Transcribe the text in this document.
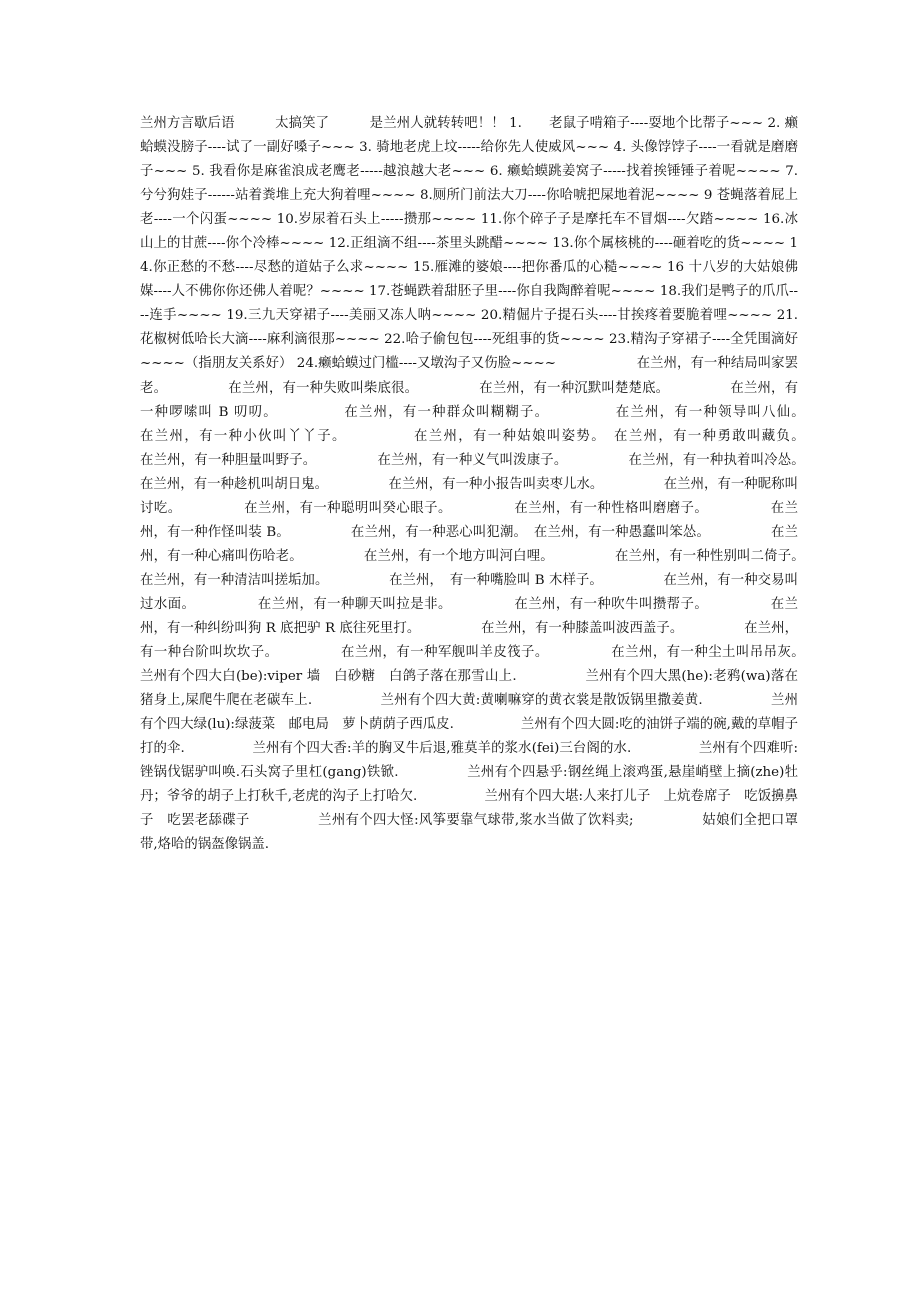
兰州方言歇后语　　　太搞笑了　　　是兰州人就转转吧！！ 1.　　老鼠子啃箱子----耍地个比帮子~~~ 2. 癞蛤蟆没膀子----试了一副好嗓子~~~ 3. 骑地老虎上坟-----给你先人使威风~~~ 4. 头像饽饽子----一看就是磨磨子~~~ 5. 我看你是麻雀浪成老鹰老-----越浪越大老~~~ 6. 癞蛤蟆跳姜窝子-----找着挨锤锤子着呢~~~~ 7. 兮兮狗娃子------站着粪堆上充大狗着哩~~~~ 8.厕所门前法大刀----你哈唬把屎地着泥~~~~ 9 苍蝇落着屁上老----一个闪蛋~~~~ 10.岁尿着石头上-----攒那~~~~ 11.你个碎子子是摩托车不冒烟----欠踏~~~~ 16.冰山上的甘蔗----你个冷棒~~~~ 12.正组滴不组----茶里头跳醋~~~~ 13.你个属核桃的----砸着吃的货~~~~ 14.你正愁的不愁----尽愁的道姑子么求~~~~ 15.雁滩的婆娘----把你番瓜的心糙~~~~ 16 十八岁的大姑娘佛媒----人不佛你你还佛人着呢？~~~~ 17.苍蝇跌着甜胚子里----你自我陶醉着呢~~~~ 18.我们是鸭子的爪爪----连手~~~~ 19.三九天穿裙子----美丽又冻人呐~~~~ 20.精倔片子提石头----甘挨疼着要脆着哩~~~~ 21.花椒树低哈长大滴----麻利滴很那~~~~ 22.哈子偷包包----死组事的货~~~~ 23.精沟子穿裙子----全凭围滴好~~~~（指朋友关系好） 24.癞蛤蟆过门槛----又墩沟子又伤脸~~~~　　　　　　在兰州，有一种结局叫家罢老。　　　　　在兰州，有一种失败叫柴底很。　　　　　在兰州，有一种沉默叫楚楚底。　　　　　在兰州，有一种啰嗦叫 B 叨叨。　　　　　在兰州，有一种群众叫糊糊子。　　　　　在兰州，有一种领导叫八仙。　　　　　在兰州，有一种小伙叫丫丫子。　　　　　在兰州，有一种姑娘叫姿势。　在兰州，有一种勇敢叫藏负。　　　　　在兰州，有一种胆量叫野子。　　　　　在兰州，有一种义气叫泼康子。　　　　　在兰州，有一种执着叫冷怂。　　　　　在兰州，有一种趁机叫胡日鬼。　　　　　在兰州，有一种小报告叫卖枣儿水。　　　　　在兰州，有一种昵称叫讨吃。　　　　　在兰州，有一种聪明叫癸心眼子。　　　　　在兰州，有一种性格叫磨磨子。　　　　　在兰州，有一种作怪叫装 B。　　　　　在兰州，有一种恶心叫犯潮。　在兰州，有一种愚蠢叫笨怂。　　　　　在兰州，有一种心痛叫伤哈老。　　　　　在兰州，有一个地方叫河白哩。　　　　　在兰州，有一种性别叫二倚子。　　　　　在兰州，有一种清洁叫搓垢加。　　　　　在兰州，　有一种嘴脸叫 B 木样子。　　　　　在兰州，有一种交易叫过水面。　　　　　在兰州，有一种聊天叫拉是非。　　　　　在兰州，有一种吹牛叫攒帮子。　　　　　在兰州，有一种纠纷叫狗 R 底把驴 R 底往死里打。　　　　　在兰州，有一种膝盖叫波西盖子。　　　　　在兰州，有一种台阶叫坎坎子。　　　　　在兰州，有一种军舰叫羊皮筏子。　　　　　在兰州，有一种尘土叫吊吊灰。　　　　　兰州有个四大白(be):viper 墙　白砂糖　白鸽子落在那雪山上.　　　　　兰州有个四大黑(he):老鸦(wa)落在猪身上,屎爬牛爬在老碳车上.　　　　　兰州有个四大黄:黄喇嘛穿的黄衣裳是散饭锅里撒姜黄.　　　　　兰州有个四大绿(lu):绿菠菜　邮电局　萝卜荫荫子西瓜皮.　　　　　兰州有个四大圆:吃的油饼子端的碗,戴的草帽子打的伞.　　　　　兰州有个四大香:羊的胸叉牛后退,雅莫羊的浆水(fei)三台阁的水.　　　　　兰州有个四难听:锉锅伐锯驴叫唤.石头窝子里杠(gang)铁锨.　　　　　兰州有个四悬乎:钢丝绳上滚鸡蛋,悬崖峭壁上摘(zhe)牡丹；爷爷的胡子上打秋千,老虎的沟子上打哈欠.　　　　　兰州有个四大堪:人来打儿子　上炕卷席子　吃饭擤鼻子　吃罢老舔碟子　　　　　兰州有个四大怪:风筝要靠气球带,浆水当做了饮料卖;　　　　　姑娘们全把口罩带,烙哈的锅盔像锅盖.
